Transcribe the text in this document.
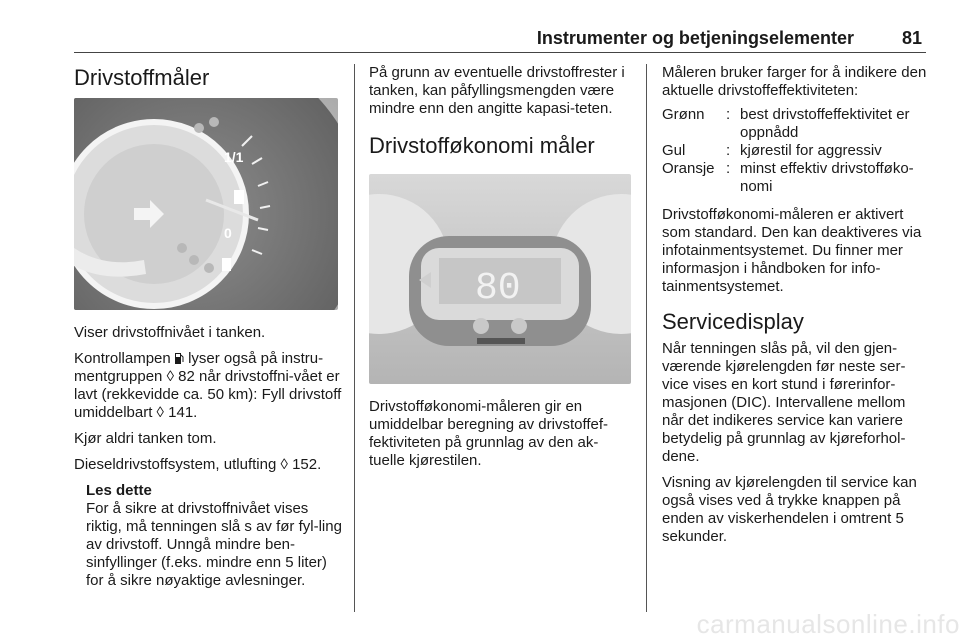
Instrumenter og betjeningselementer	81
Drivstoffmåler
1/1
0

Viser drivstoffnivået i tanken.

Kontrollampen  lyser også på instru-mentgruppen ◊ 82 når drivstoffni-vået er lavt (rekkevidde ca. 50 km): Fyll drivstoff umiddelbart ◊ 141.

Kjør aldri tanken tom.

Dieseldrivstoffsystem, utlufting ◊ 152.

Les dette
For å sikre at drivstoffnivået vises riktig, må tenningen slå s av før fyl-ling av drivstoff. Unngå mindre ben-sinfyllinger (f.eks. mindre enn 5 liter) for å sikre nøyaktige avlesninger.

På grunn av eventuelle drivstoffrester i tanken, kan påfyllingsmengden være mindre enn den angitte kapasi-teten.

Drivstofføkonomi måler
80

Drivstofføkonomi-måleren gir en umiddelbar beregning av drivstoffef-fektiviteten på grunnlag av den ak-tuelle kjørestilen.

Måleren bruker farger for å indikere den aktuelle drivstoffeffektiviteten:

Grønn	:	best drivstoffeffektivitet er oppnådd
Gul	:	kjørestil for aggressiv
Oransje	:	minst effektiv drivstofføko-nomi

Drivstofføkonomi-måleren er aktivert som standard. Den kan deaktiveres via infotainmentsystemet. Du finner mer informasjon i håndboken for info-tainmentsystemet.

Servicedisplay

Når tenningen slås på, vil den gjen-værende kjørelengden før neste ser-vice vises en kort stund i førerinfor-masjonen (DIC). Intervallene mellom når det indikeres service kan variere betydelig på grunnlag av kjøreforhol-dene.

Visning av kjørelengden til service kan også vises ved å trykke knappen på enden av viskerhendelen i omtrent 5 sekunder.

carmanualsonline.info
